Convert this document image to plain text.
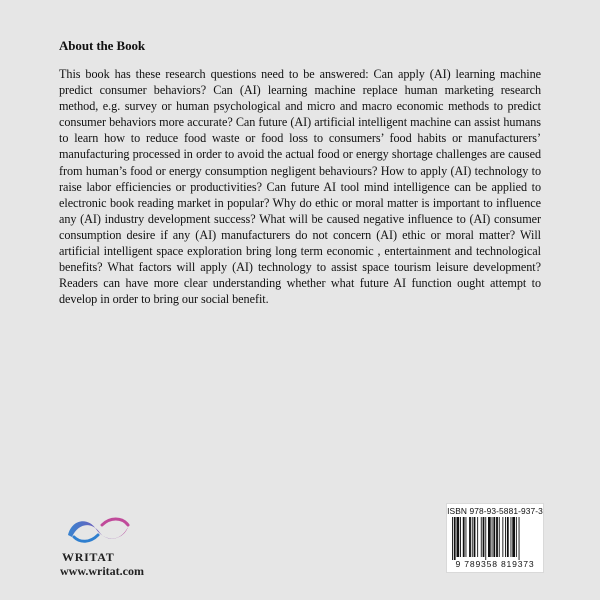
About the Book
This book has these research questions need to be answered: Can apply (AI) learning machine predict consumer behaviors? Can (AI) learning machine replace human marketing research method, e.g. survey or human psychological and micro and macro economic methods to predict consumer behaviors more accurate? Can future (AI) artificial intelligent machine can assist humans to learn how to reduce food waste or food loss to consumers’ food habits or manufacturers’ manufacturing processed in order to avoid the actual food or energy shortage challenges are caused from human’s food or energy consumption negligent behaviours? How to apply (AI) technology to raise labor efficiencies or productivities? Can future AI tool mind intelligence can be applied to electronic book reading market in popular? Why do ethic or moral matter is important to influence any (AI) industry development success? What will be caused negative influence to (AI) consumer consumption desire if any (AI) manufacturers do not concern (AI) ethic or moral matter? Will artificial intelligent space exploration bring long term economic , entertainment and technological benefits? What factors will apply (AI) technology to assist space tourism leisure development? Readers can have more clear understanding whether what future AI function ought attempt to develop in order to bring our social benefit.
WRITAT
www.writat.com
ISBN 978-93-5881-937-3
9 789358 819373
